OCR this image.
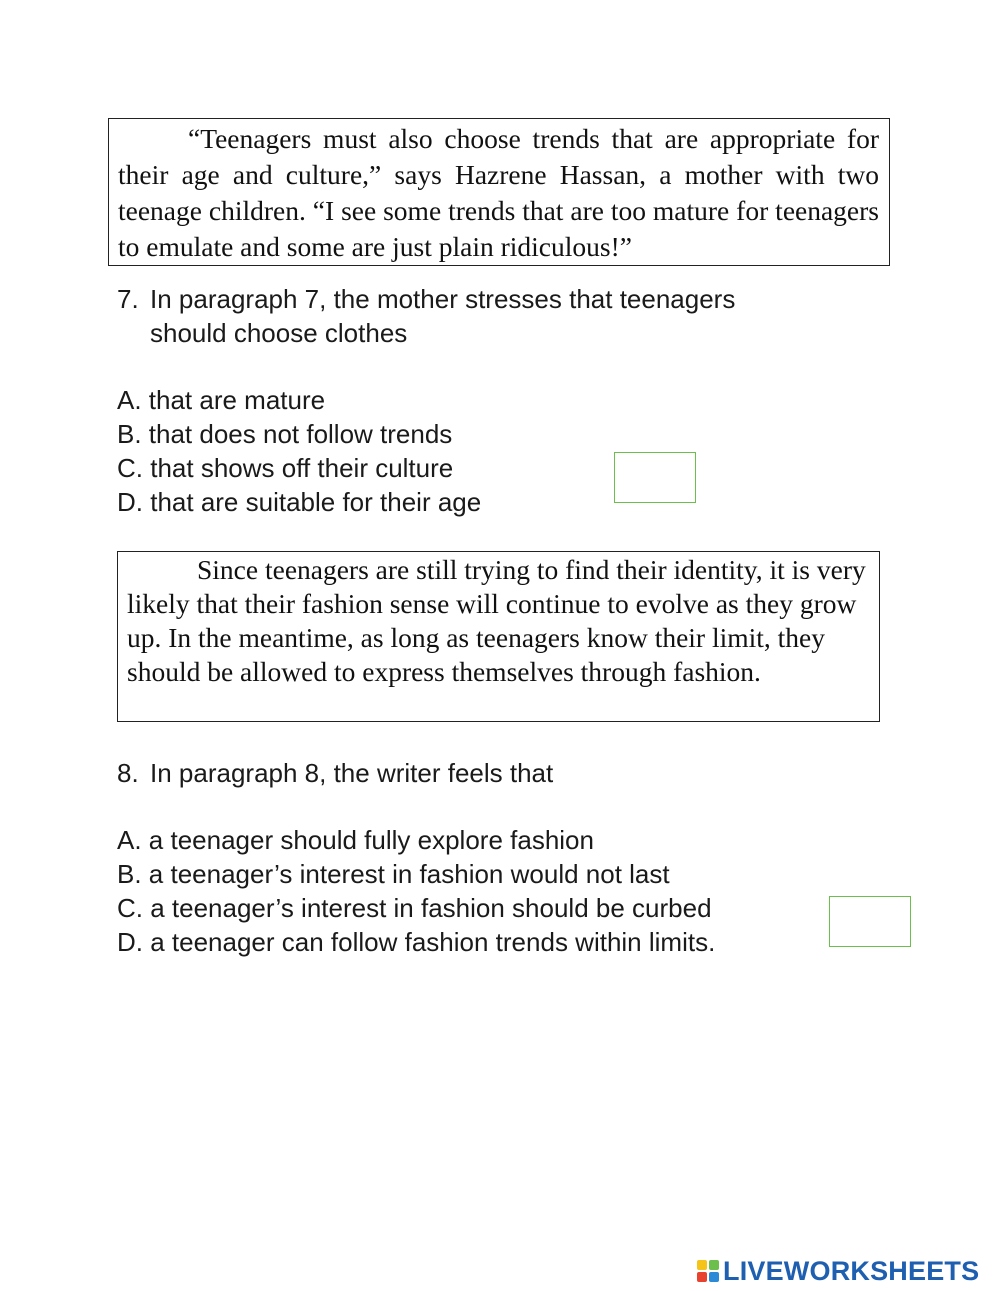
“Teenagers must also choose trends that are appropriate for their age and culture,” says Hazrene Hassan, a mother with two teenage children. “I see some trends that are too mature for teenagers to emulate and some are just plain ridiculous!”

7. In paragraph 7, the mother stresses that teenagers
should choose clothes
A. that are mature
B. that does not follow trends
C. that shows off their culture
D. that are suitable for their age

Since teenagers are still trying to find their identity, it is very likely that their fashion sense will continue to evolve as they grow up. In the meantime, as long as teenagers know their limit, they should be allowed to express themselves through fashion.

8. In paragraph 8, the writer feels that
A. a teenager should fully explore fashion
B. a teenager’s interest in fashion would not last
C. a teenager’s interest in fashion should be curbed
D. a teenager can follow fashion trends within limits.
LIVEWORKSHEETS
